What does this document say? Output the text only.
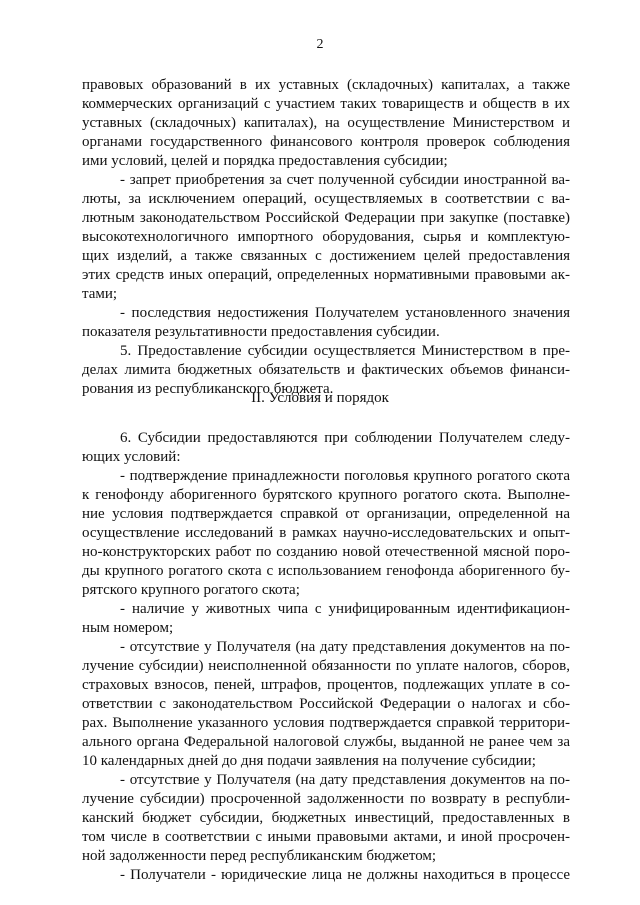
2
правовых образований в их уставных (складочных) капиталах, а также
коммерческих организаций с участием таких товариществ и обществ в их
уставных (складочных) капиталах), на осуществление Министерством и
органами государственного финансового контроля проверок соблюдения
ими условий, целей и порядка предоставления субсидии;
- запрет приобретения за счет полученной субсидии иностранной ва-
люты, за исключением операций, осуществляемых в соответствии с ва-
лютным законодательством Российской Федерации при закупке (поставке)
высокотехнологичного импортного оборудования, сырья и комплектую-
щих изделий, а также связанных с достижением целей предоставления
этих средств иных операций, определенных нормативными правовыми ак-
тами;
- последствия недостижения Получателем установленного значения
показателя результативности предоставления субсидии.
5. Предоставление субсидии осуществляется Министерством в пре-
делах лимита бюджетных обязательств и фактических объемов финанси-
рования из республиканского бюджета.
II. Условия и порядок
6. Субсидии предоставляются при соблюдении Получателем следу-
ющих условий:
- подтверждение принадлежности поголовья крупного рогатого скота
к генофонду аборигенного бурятского крупного рогатого скота. Выполне-
ние условия подтверждается справкой от организации, определенной на
осуществление исследований в рамках научно-исследовательских и опыт-
но-конструкторских работ по созданию новой отечественной мясной поро-
ды крупного рогатого скота с использованием генофонда аборигенного бу-
рятского крупного рогатого скота;
- наличие у животных чипа с унифицированным идентификацион-
ным номером;
- отсутствие у Получателя (на дату представления документов на по-
лучение субсидии) неисполненной обязанности по уплате налогов, сборов,
страховых взносов, пеней, штрафов, процентов, подлежащих уплате в со-
ответствии с законодательством Российской Федерации о налогах и сбо-
рах. Выполнение указанного условия подтверждается справкой территори-
ального органа Федеральной налоговой службы, выданной не ранее чем за
10 календарных дней до дня подачи заявления на получение субсидии;
- отсутствие у Получателя (на дату представления документов на по-
лучение субсидии) просроченной задолженности по возврату в республи-
канский бюджет субсидии, бюджетных инвестиций, предоставленных в
том числе в соответствии с иными правовыми актами, и иной просрочен-
ной задолженности перед республиканским бюджетом;
- Получатели - юридические лица не должны находиться в процессе
